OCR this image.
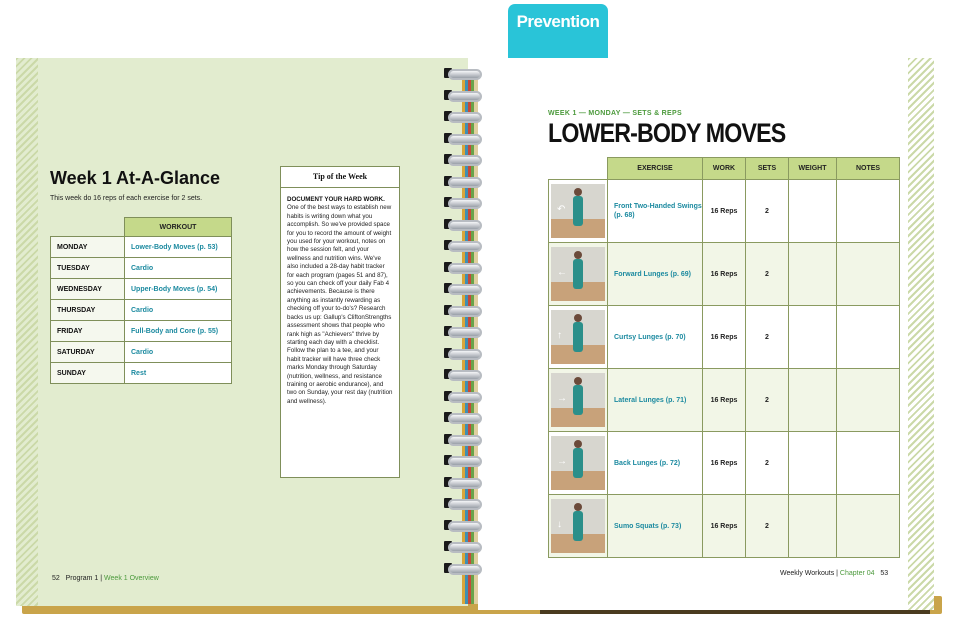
Prevention
Week 1 At-A-Glance
This week do 16 reps of each exercise for 2 sets.
	WORKOUT
MONDAY	Lower-Body Moves (p. 53)
TUESDAY	Cardio
WEDNESDAY	Upper-Body Moves (p. 54)
THURSDAY	Cardio
FRIDAY	Full-Body and Core (p. 55)
SATURDAY	Cardio
SUNDAY	Rest
Tip of the Week
DOCUMENT YOUR HARD WORK. One of the best ways to establish new habits is writing down what you accomplish. So we've provided space for you to record the amount of weight you used for your workout, notes on how the session felt, and your wellness and nutrition wins. We've also included a 28-day habit tracker for each program (pages 51 and 87), so you can check off your daily Fab 4 achievements. Because is there anything as instantly rewarding as checking off your to-do's? Research backs us up: Gallup's CliftonStrengths assessment shows that people who rank high as "Achievers" thrive by starting each day with a checklist. Follow the plan to a tee, and your habit tracker will have three check marks Monday through Saturday (nutrition, wellness, and resistance training or aerobic endurance), and two on Sunday, your rest day (nutrition and wellness).
52 Program 1 | Week 1 Overview
WEEK 1 — MONDAY — SETS & REPS
LOWER-BODY MOVES
	EXERCISE	WORK	SETS	WEIGHT	NOTES

↶	Front Two-Handed Swings (p. 68)	16 Reps	2		

←	Forward Lunges (p. 69)	16 Reps	2		

↑	Curtsy Lunges (p. 70)	16 Reps	2		

→	Lateral Lunges (p. 71)	16 Reps	2		

→	Back Lunges (p. 72)	16 Reps	2		

↓	Sumo Squats (p. 73)	16 Reps	2		
Weekly Workouts | Chapter 04 53
